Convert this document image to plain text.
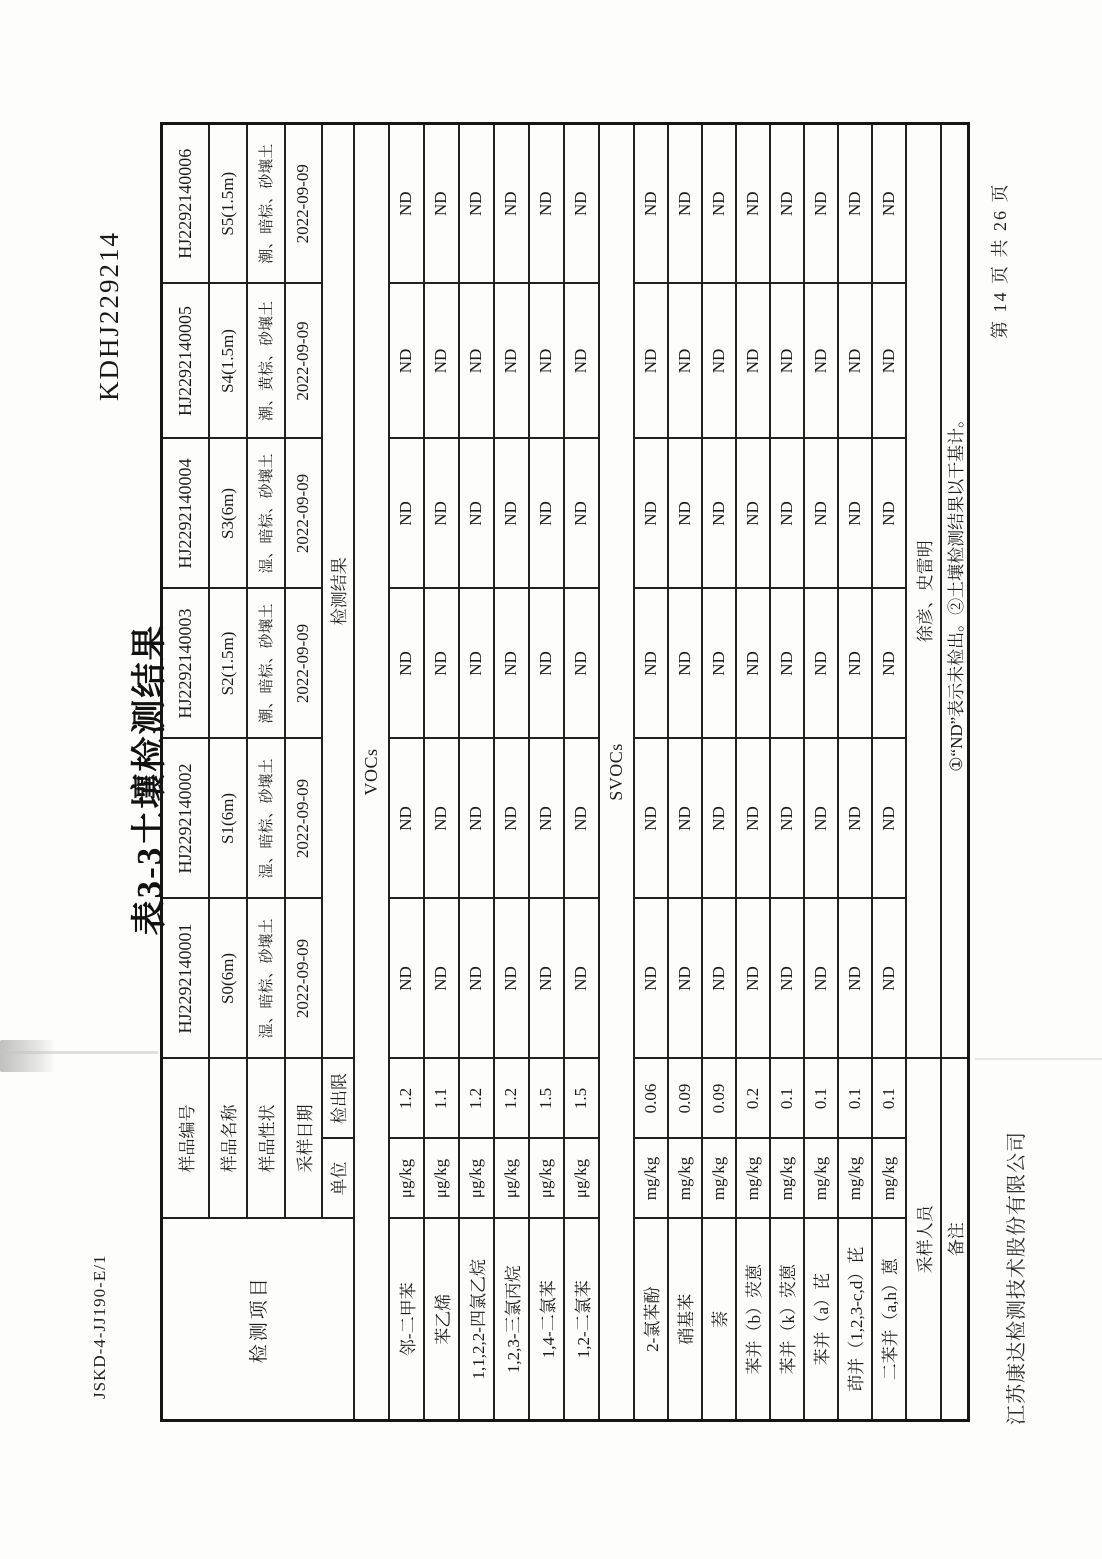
JSKD-4-JJ190-E/1
KDHJ229214
表3-3土壤检测结果
检测项目	样品编号		HJ2292140001	HJ2292140002	HJ2292140003	HJ2292140004	HJ2292140005	HJ2292140006
	样品名称		S0(6m)	S1(6m)	S2(1.5m)	S3(6m)	S4(1.5m)	S5(1.5m)
	样品性状		湿、暗棕、砂壤土	湿、暗棕、砂壤土	潮、暗棕、砂壤土	湿、暗棕、砂壤土	潮、黄棕、砂壤土	潮、暗棕、砂壤土
	采样日期		2022-09-09	2022-09-09	2022-09-09	2022-09-09	2022-09-09	2022-09-09
	单位	检出限	检测结果					
VOCs								
邻-二甲苯	μg/kg	1.2	ND	ND	ND	ND	ND	ND
苯乙烯	μg/kg	1.1	ND	ND	ND	ND	ND	ND
1,1,2,2-四氯乙烷	μg/kg	1.2	ND	ND	ND	ND	ND	ND
1,2,3-三氯丙烷	μg/kg	1.2	ND	ND	ND	ND	ND	ND
1,4-二氯苯	μg/kg	1.5	ND	ND	ND	ND	ND	ND
1,2-二氯苯	μg/kg	1.5	ND	ND	ND	ND	ND	ND
SVOCs								
2-氯苯酚	mg/kg	0.06	ND	ND	ND	ND	ND	ND
硝基苯	mg/kg	0.09	ND	ND	ND	ND	ND	ND
萘	mg/kg	0.09	ND	ND	ND	ND	ND	ND
苯并（b）荧蒽	mg/kg	0.2	ND	ND	ND	ND	ND	ND
苯并（k）荧蒽	mg/kg	0.1	ND	ND	ND	ND	ND	ND
苯并（a）芘	mg/kg	0.1	ND	ND	ND	ND	ND	ND
茚并（1,2,3-c,d）芘	mg/kg	0.1	ND	ND	ND	ND	ND	ND
二苯并（a,h）蒽	mg/kg	0.1	ND	ND	ND	ND	ND	ND
采样人员			徐彦、史雷明					
备注			①“ND”表示未检出。②土壤检测结果以干基计。					
江苏康达检测技术股份有限公司
第 14 页 共 26 页
